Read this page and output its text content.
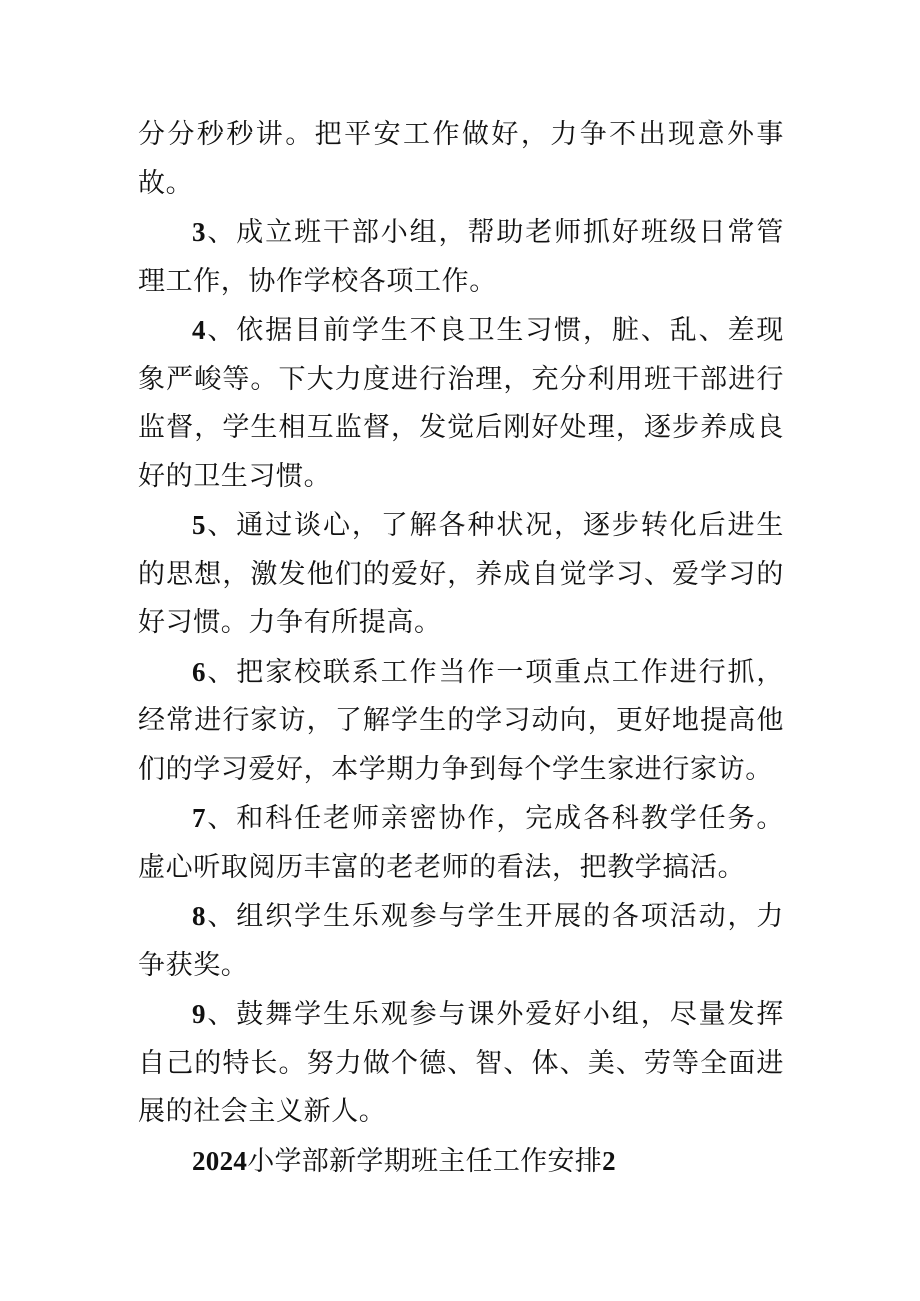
分分秒秒讲。把平安工作做好，力争不出现意外事故。

3、成立班干部小组，帮助老师抓好班级日常管理工作，协作学校各项工作。

4、依据目前学生不良卫生习惯，脏、乱、差现象严峻等。下大力度进行治理，充分利用班干部进行监督，学生相互监督，发觉后刚好处理，逐步养成良好的卫生习惯。

5、通过谈心，了解各种状况，逐步转化后进生的思想，激发他们的爱好，养成自觉学习、爱学习的好习惯。力争有所提高。

6、把家校联系工作当作一项重点工作进行抓，经常进行家访，了解学生的学习动向，更好地提高他们的学习爱好，本学期力争到每个学生家进行家访。

7、和科任老师亲密协作，完成各科教学任务。虚心听取阅历丰富的老老师的看法，把教学搞活。

8、组织学生乐观参与学生开展的各项活动，力争获奖。

9、鼓舞学生乐观参与课外爱好小组，尽量发挥自己的特长。努力做个德、智、体、美、劳等全面进展的社会主义新人。

2024小学部新学期班主任工作安排2
